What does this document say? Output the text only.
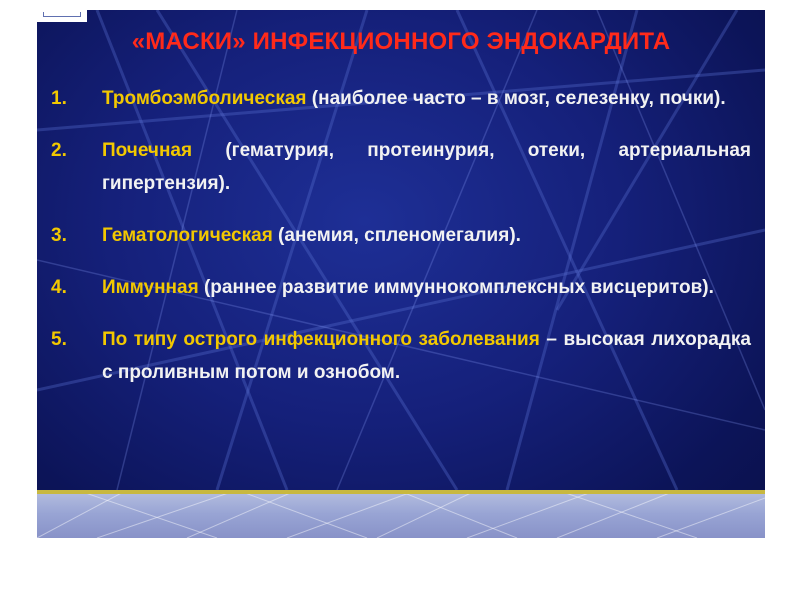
«МАСКИ» ИНФЕКЦИОННОГО ЭНДОКАРДИТА
1. Тромбоэмболическая (наиболее часто – в мозг, селезенку, почки).
2. Почечная (гематурия, протеинурия, отеки, артериальная гипертензия).
3. Гематологическая (анемия, спленомегалия).
4. Иммунная (раннее развитие иммуннокомплексных висцеритов).
5. По типу острого инфекционного заболевания – высокая лихорадка с проливным потом и ознобом.
